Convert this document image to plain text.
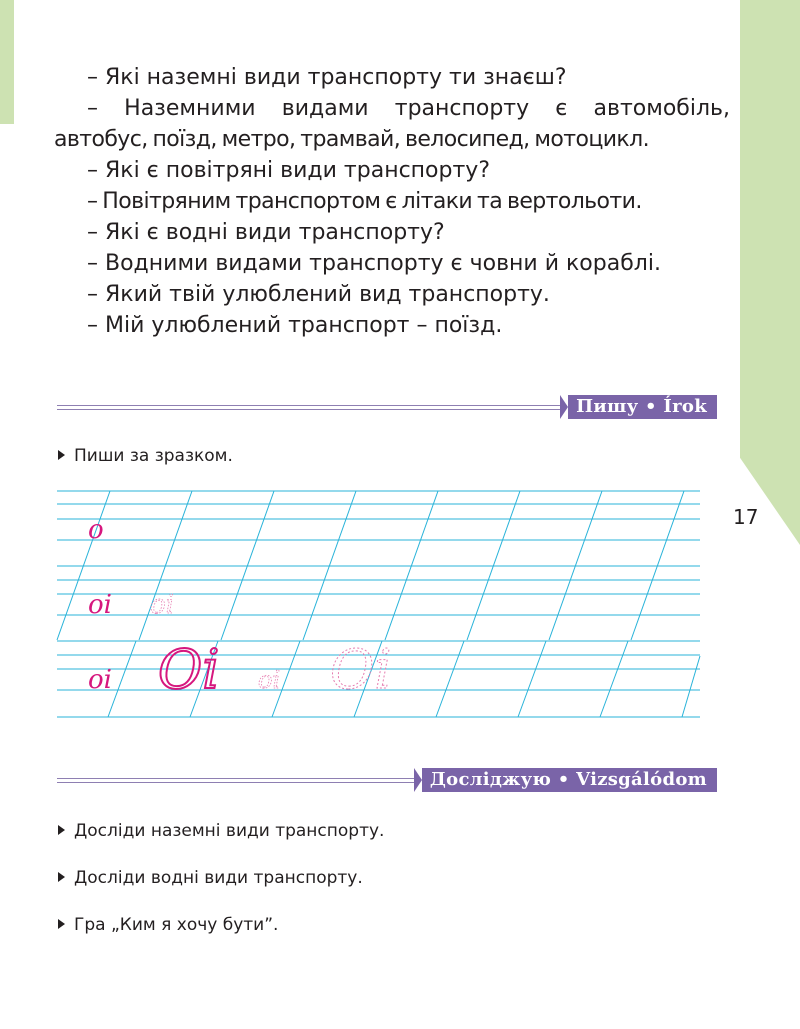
17
– Які наземні види транспорту ти знаєш?
– Наземними видами транспорту є автомобіль,
автобус, поїзд, метро, трамвай, велосипед, мотоцикл.
– Які є повітряні види транспорту?
– Повітряним транспортом є літаки та вертольоти.
– Які є водні види транспорту?
– Водними видами транспорту є човни й кораблі.
– Який твій улюблений вид транспорту.
– Мій улюблений транспорт – поїзд.
Пишу • Írok
Пиши за зразком.
o
oi oi
oi Oi oi Oi
Досліджую • Vizsgálódom
Досліди наземні види транспорту.
Досліди водні види транспорту.
Гра „Ким я хочу бути”.
